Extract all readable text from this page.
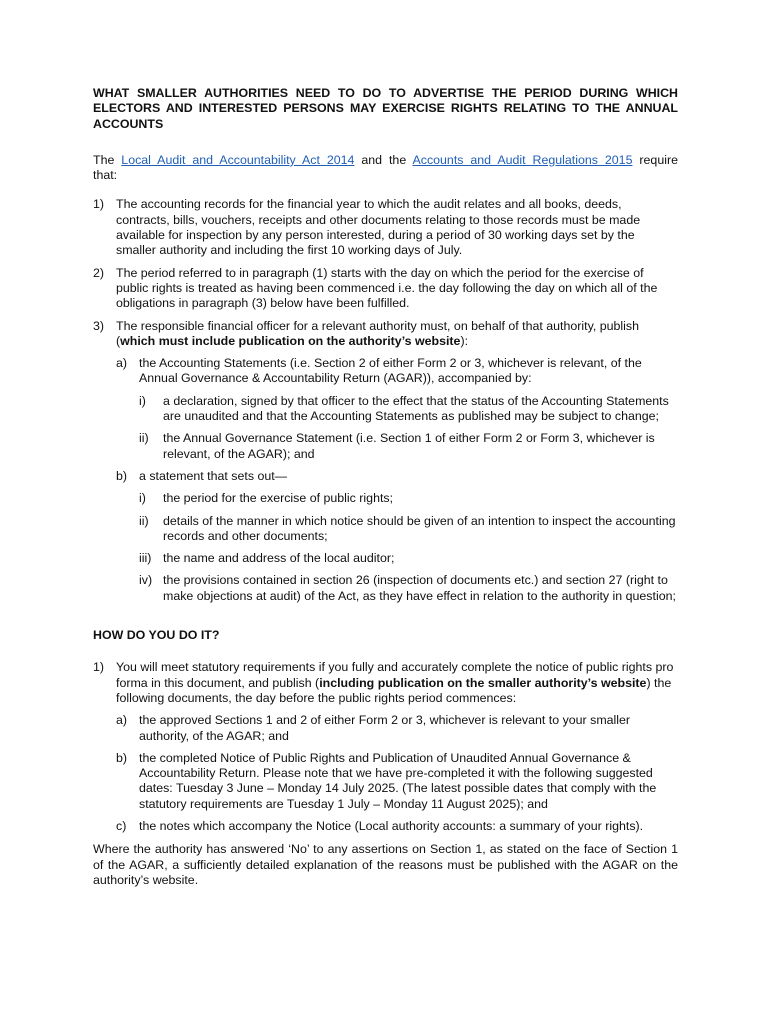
WHAT SMALLER AUTHORITIES NEED TO DO TO ADVERTISE THE PERIOD DURING WHICH ELECTORS AND INTERESTED PERSONS MAY EXERCISE RIGHTS RELATING TO THE ANNUAL ACCOUNTS

The Local Audit and Accountability Act 2014 and the Accounts and Audit Regulations 2015 require that:

1) The accounting records for the financial year to which the audit relates and all books, deeds, contracts, bills, vouchers, receipts and other documents relating to those records must be made available for inspection by any person interested, during a period of 30 working days set by the smaller authority and including the first 10 working days of July.
2) The period referred to in paragraph (1) starts with the day on which the period for the exercise of public rights is treated as having been commenced i.e. the day following the day on which all of the obligations in paragraph (3) below have been fulfilled.
3) The responsible financial officer for a relevant authority must, on behalf of that authority, publish (which must include publication on the authority’s website):
a) the Accounting Statements (i.e. Section 2 of either Form 2 or 3, whichever is relevant, of the Annual Governance & Accountability Return (AGAR)), accompanied by:
i)	a declaration, signed by that officer to the effect that the status of the Accounting Statements are unaudited and that the Accounting Statements as published may be subject to change;
ii)	the Annual Governance Statement (i.e. Section 1 of either Form 2 or Form 3, whichever is relevant, of the AGAR); and
b) a statement that sets out—
i)	the period for the exercise of public rights;
ii)	details of the manner in which notice should be given of an intention to inspect the accounting records and other documents;
iii) the name and address of the local auditor;
iv) the provisions contained in section 26 (inspection of documents etc.) and section 27 (right to make objections at audit) of the Act, as they have effect in relation to the authority in question;
HOW DO YOU DO IT?
1) You will meet statutory requirements if you fully and accurately complete the notice of public rights pro forma in this document, and publish (including publication on the smaller authority’s website) the following documents, the day before the public rights period commences:
a) the approved Sections 1 and 2 of either Form 2 or 3, whichever is relevant to your smaller authority, of the AGAR; and
b) the completed Notice of Public Rights and Publication of Unaudited Annual Governance & Accountability Return. Please note that we have pre-completed it with the following suggested dates: Tuesday 3 June – Monday 14 July 2025. (The latest possible dates that comply with the statutory requirements are Tuesday 1 July – Monday 11 August 2025); and
c)	the notes which accompany the Notice (Local authority accounts: a summary of your rights).

Where the authority has answered ‘No’ to any assertions on Section 1, as stated on the face of Section 1 of the AGAR, a sufficiently detailed explanation of the reasons must be published with the AGAR on the authority’s website.
